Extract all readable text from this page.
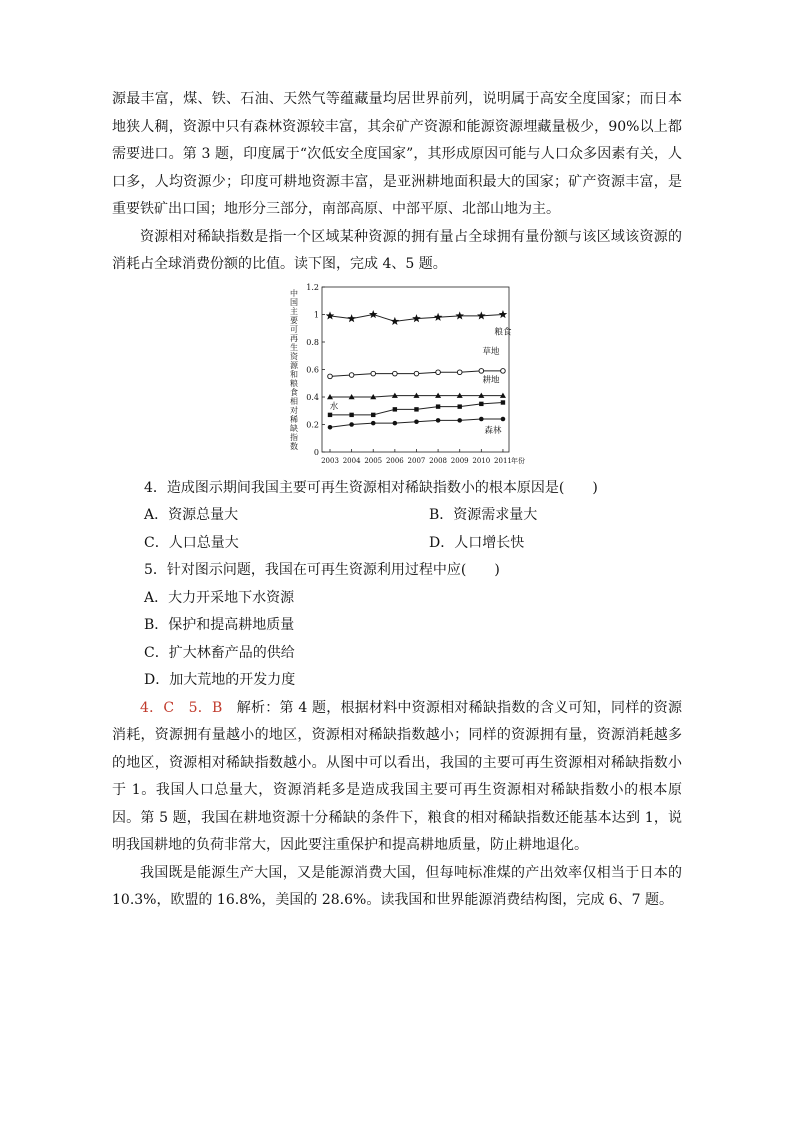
源最丰富，煤、铁、石油、天然气等蕴藏量均居世界前列，说明属于高安全度国家；而日本地狭人稠，资源中只有森林资源较丰富，其余矿产资源和能源资源埋藏量极少，90%以上都需要进口。第 3 题，印度属于“次低安全度国家”，其形成原因可能与人口众多因素有关，人口多，人均资源少；印度可耕地资源丰富，是亚洲耕地面积最大的国家；矿产资源丰富，是重要铁矿出口国；地形分三部分，南部高原、中部平原、北部山地为主。

资源相对稀缺指数是指一个区域某种资源的拥有量占全球拥有量份额与该区域该资源的消耗占全球消费份额的比值。读下图，完成 4、5 题。

0
0.2
0.4
0.6
0.8
1
1.2
2003 2004 2005 2006 2007 2008 2009 2010 2011 年份
中
国
主
要
可
再
生
资
源
和
粮
食
相
对
稀
缺
指
数
粮食
草地
耕地
水
森林

4．造成图示期间我国主要可再生资源相对稀缺指数小的根本原因是(　　)

A．资源总量大	B．资源需求量大
C．人口总量大	D．人口增长快

5．针对图示问题，我国在可再生资源利用过程中应(　　)

A．大力开采地下水资源
B．保护和提高耕地质量
C．扩大林畜产品的供给
D．加大荒地的开发力度

4．C　5．B　解析：第 4 题，根据材料中资源相对稀缺指数的含义可知，同样的资源消耗，资源拥有量越小的地区，资源相对稀缺指数越小；同样的资源拥有量，资源消耗越多的地区，资源相对稀缺指数越小。从图中可以看出，我国的主要可再生资源相对稀缺指数小于 1。我国人口总量大，资源消耗多是造成我国主要可再生资源相对稀缺指数小的根本原因。第 5 题，我国在耕地资源十分稀缺的条件下，粮食的相对稀缺指数还能基本达到 1，说明我国耕地的负荷非常大，因此要注重保护和提高耕地质量，防止耕地退化。

我国既是能源生产大国，又是能源消费大国，但每吨标准煤的产出效率仅相当于日本的 10.3%，欧盟的 16.8%，美国的 28.6%。读我国和世界能源消费结构图，完成 6、7 题。
